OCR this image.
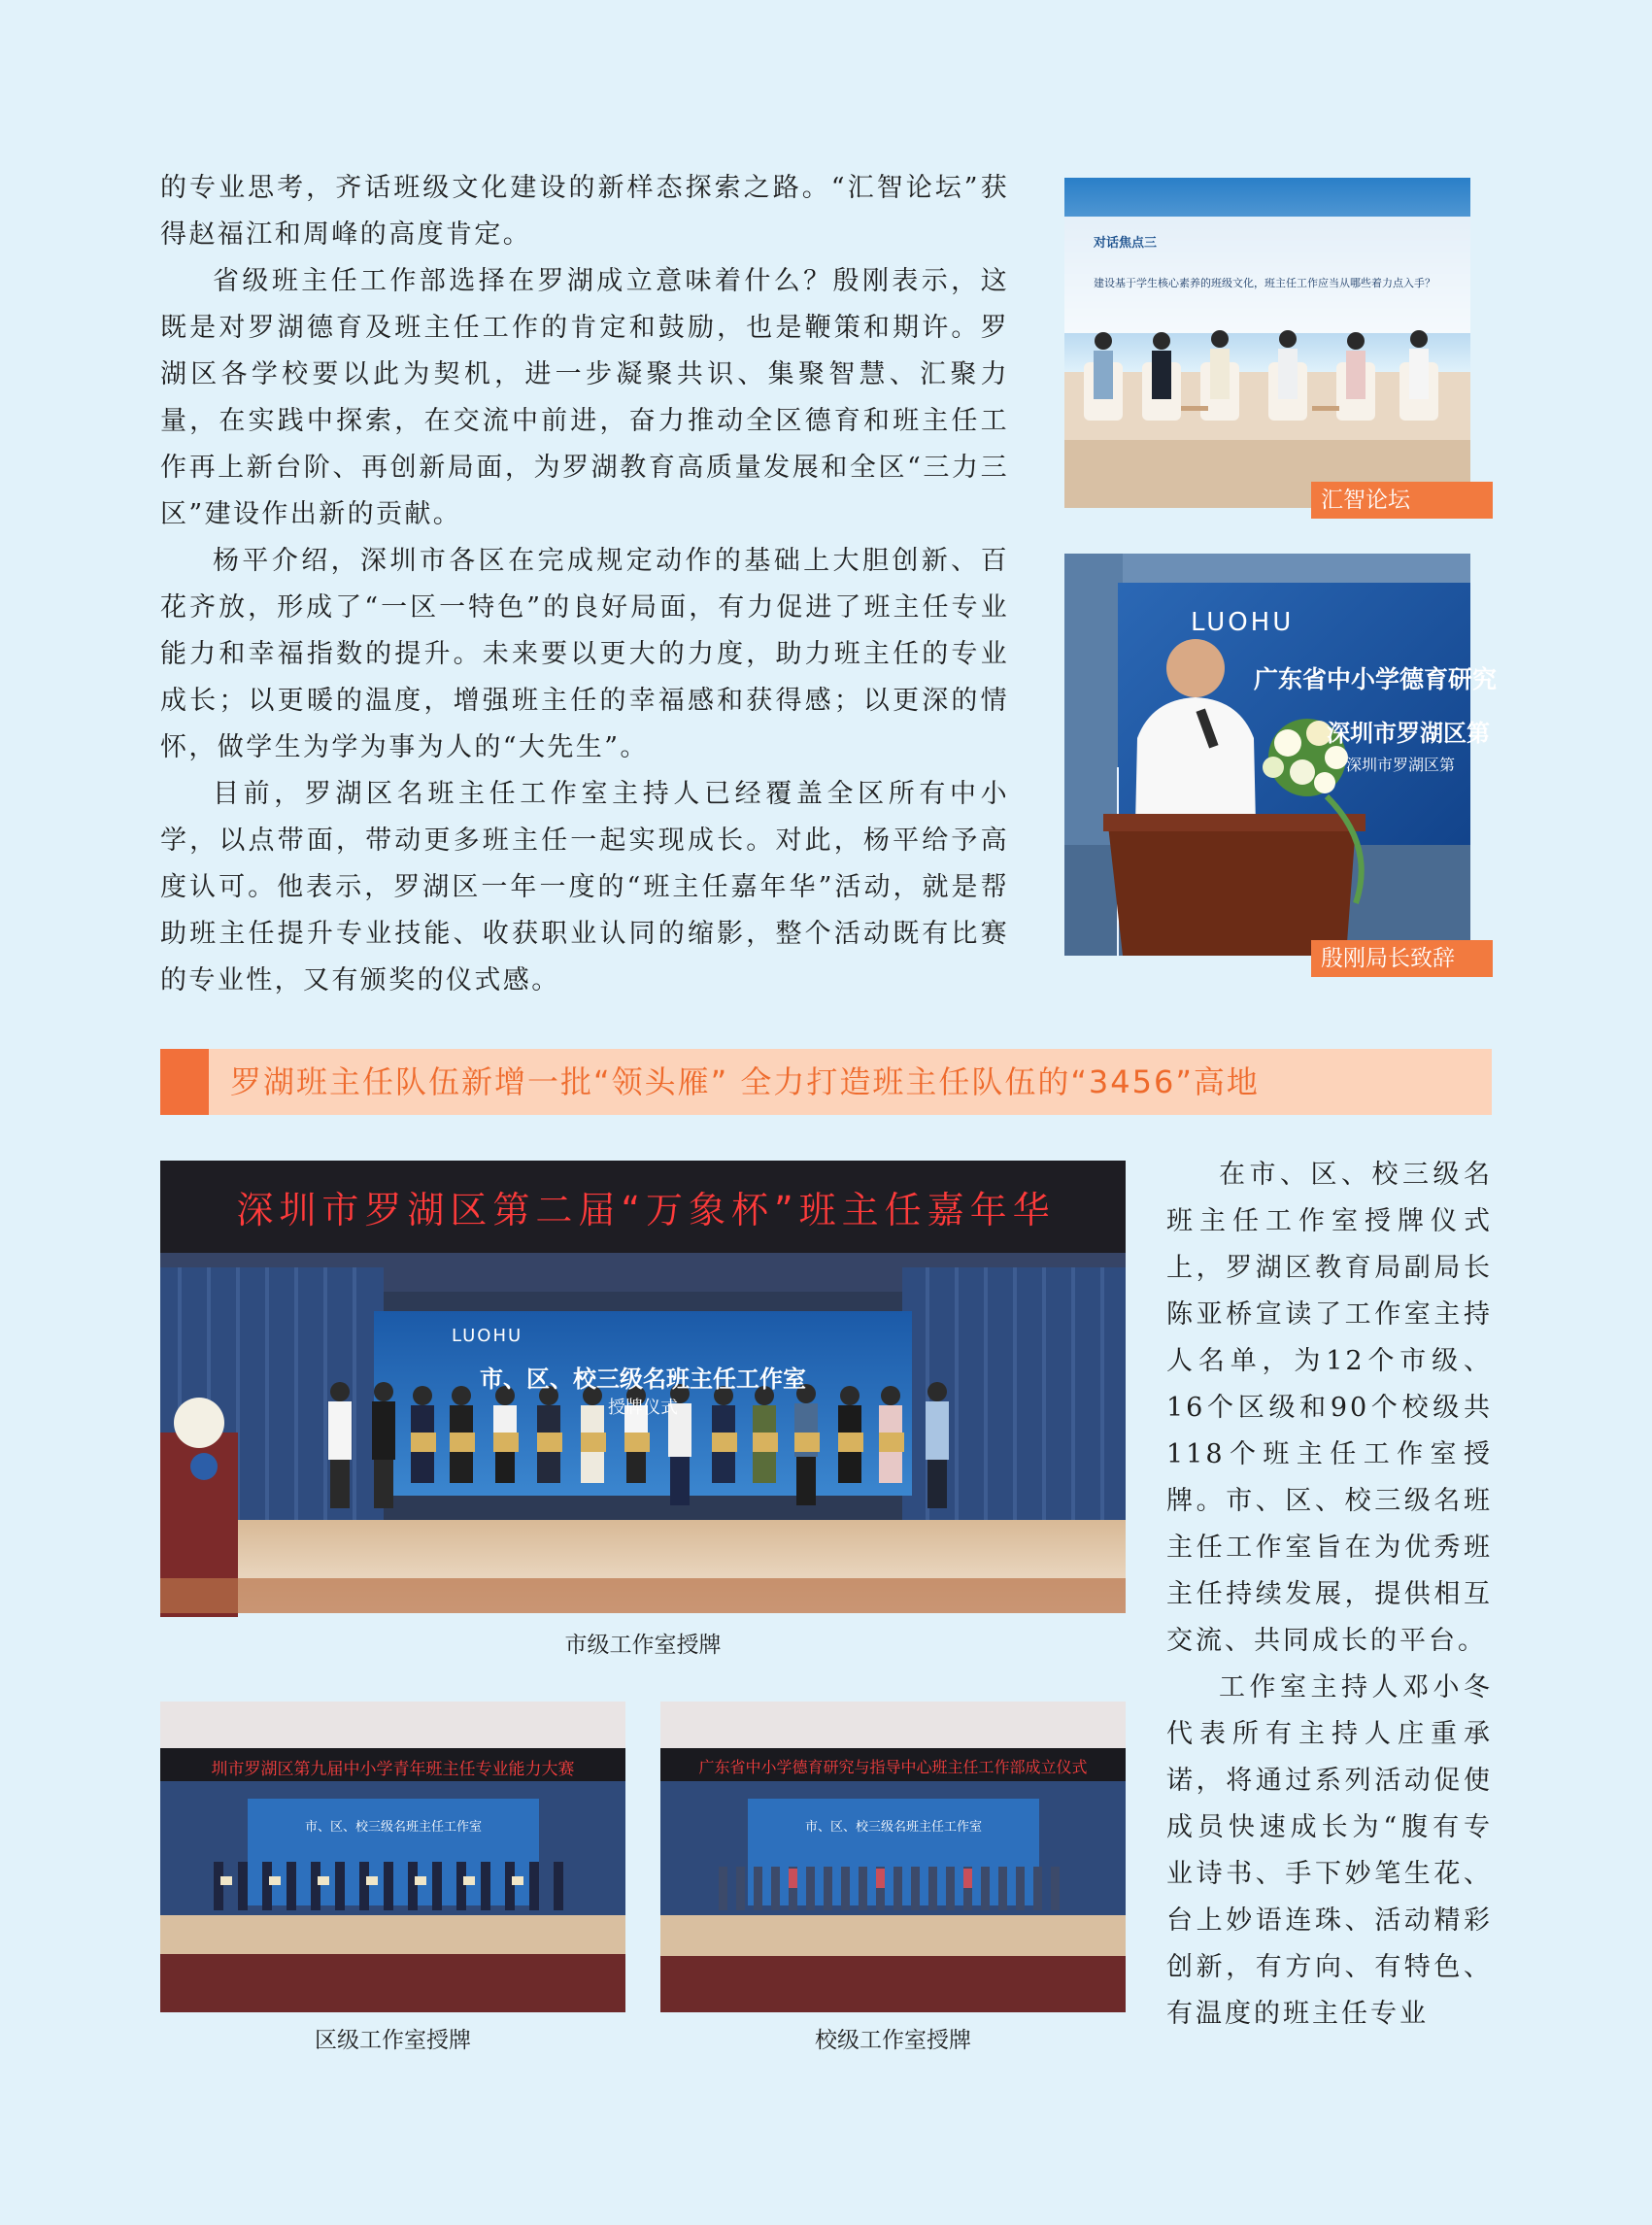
的专业思考，齐话班级文化建设的新样态探索之路。“汇智论坛”获得赵福江和周峰的高度肯定。

省级班主任工作部选择在罗湖成立意味着什么？殷刚表示，这既是对罗湖德育及班主任工作的肯定和鼓励，也是鞭策和期许。罗湖区各学校要以此为契机，进一步凝聚共识、集聚智慧、汇聚力量，在实践中探索，在交流中前进，奋力推动全区德育和班主任工作再上新台阶、再创新局面，为罗湖教育高质量发展和全区“三力三区”建设作出新的贡献。

杨平介绍，深圳市各区在完成规定动作的基础上大胆创新、百花齐放，形成了“一区一特色”的良好局面，有力促进了班主任专业能力和幸福指数的提升。未来要以更大的力度，助力班主任的专业成长；以更暖的温度，增强班主任的幸福感和获得感；以更深的情怀，做学生为学为事为人的“大先生”。

目前，罗湖区名班主任工作室主持人已经覆盖全区所有中小学，以点带面，带动更多班主任一起实现成长。对此，杨平给予高度认可。他表示，罗湖区一年一度的“班主任嘉年华”活动，就是帮助班主任提升专业技能、收获职业认同的缩影，整个活动既有比赛的专业性，又有颁奖的仪式感。

对话焦点三
建设基于学生核心素养的班级文化，班主任工作应当从哪些着力点入手？
汇智论坛
LUOHU
广东省中小学德育研究
深圳市罗湖区第
深圳市罗湖区第
殷刚局长致辞
罗湖班主任队伍新增一批“领头雁” 全力打造班主任队伍的“3456”高地
深圳市罗湖区第二届“万象杯”班主任嘉年华
LUOHU
市、区、校三级名班主任工作室
授牌仪式
市级工作室授牌
圳市罗湖区第九届中小学青年班主任专业能力大赛
市、区、校三级名班主任工作室
区级工作室授牌
广东省中小学德育研究与指导中心班主任工作部成立仪式
市、区、校三级名班主任工作室
校级工作室授牌

在市、区、校三级名班主任工作室授牌仪式上，罗湖区教育局副局长陈亚桥宣读了工作室主持人名单，为12个市级、16个区级和90个校级共118个班主任工作室授牌。市、区、校三级名班主任工作室旨在为优秀班主任持续发展，提供相互交流、共同成长的平台。

工作室主持人邓小冬代表所有主持人庄重承诺，将通过系列活动促使成员快速成长为“腹有专业诗书、手下妙笔生花、台上妙语连珠、活动精彩创新，有方向、有特色、有温度的班主任专业
